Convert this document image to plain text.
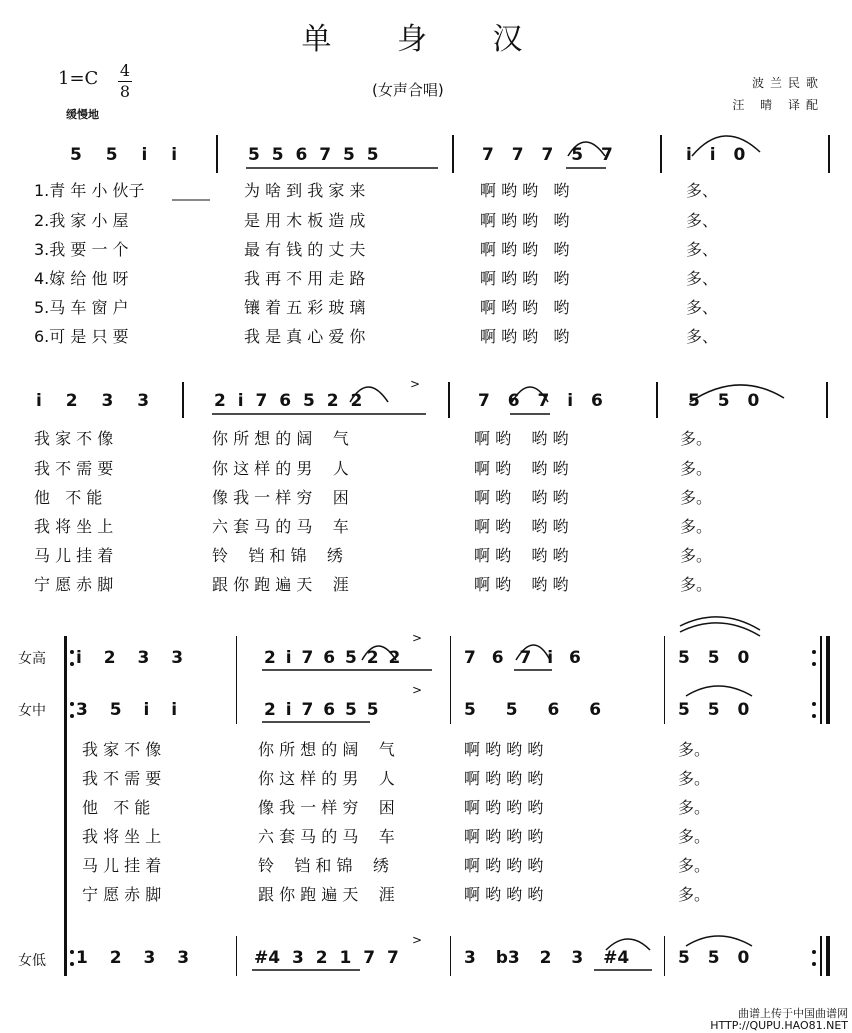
单 身 汉
1=C 4
8
缓慢地
(女声合唱)	波兰民歌
汪 晴 译配
5 5 i i	5 5 6 7 5 5	7 7 7 5 7	i i 0
1.青 年 小 伙子	为 啥 到 我 家 来	啊 哟 哟   哟	多、
2.我 家 小 屋	是 用 木 板 造 成	啊 哟 哟   哟	多、
3.我 要 一 个	最 有 钱 的 丈 夫	啊 哟 哟   哟	多、
4.嫁 给 他 呀	我 再 不 用 走 路	啊 哟 哟   哟	多、
5.马 车 窗 户	镶 着 五 彩 玻 璃	啊 哟 哟   哟	多、
6.可 是 只 要	我 是 真 心 爱 你	啊 哟 哟   哟	多、
i 2 3 3	2 i 7 6 5 2 2	7 6 7 i 6	5 5 0
我 家 不 像	你 所 想 的 阔    气	啊 哟    哟 哟	多。
我 不 需 要	你 这 样 的 男    人	啊 哟    哟 哟	多。
他   不 能	像 我 一 样 穷    困	啊 哟    哟 哟	多。
我 将 坐 上	六 套 马 的 马    车	啊 哟    哟 哟	多。
马 儿 挂 着	铃    铛 和 锦    绣	啊 哟    哟 哟	多。
宁 愿 赤 脚	跟 你 跑 遍 天    涯	啊 哟    哟 哟	多。
女高
女中
女低
i 2 3 3	2 i 7 6 5 2 2	7 6 7 i 6	5 5 0
3 5 i i	2 i 7 6 5 5	5 5 6 6	5 5 0
1 2 3 3	#4 3 2 1 7 7	3 b3 2 3 #4	5 5 0
我 家 不 像	你 所 想 的 阔    气	啊 哟 哟 哟	多。
我 不 需 要	你 这 样 的 男    人	啊 哟 哟 哟	多。
他   不 能	像 我 一 样 穷    困	啊 哟 哟 哟	多。
我 将 坐 上	六 套 马 的 马    车	啊 哟 哟 哟	多。
马 儿 挂 着	铃    铛 和 锦    绣	啊 哟 哟 哟	多。
宁 愿 赤 脚	跟 你 跑 遍 天    涯	啊 哟 哟 哟	多。
>
>
>
>
曲谱上传于中国曲谱网
HTTP://QUPU.HAO81.NET
